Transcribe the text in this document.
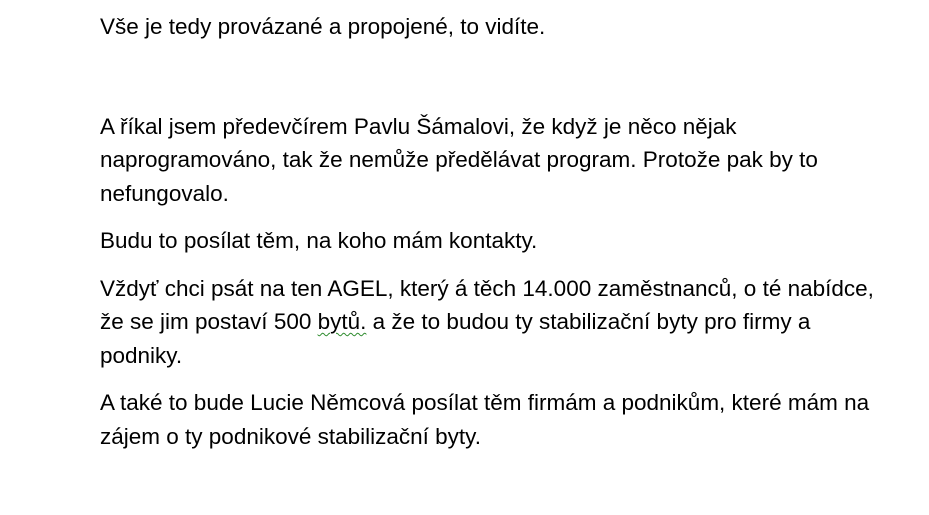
Vše je tedy provázané a propojené, to vidíte.

A říkal jsem předevčírem Pavlu Šámalovi, že když je něco nějak naprogramováno, tak že nemůže předělávat program. Protože pak by to nefungovalo.

Budu to posílat těm, na koho mám kontakty.

Vždyť chci psát na ten AGEL, který á těch 14.000 zaměstnanců, o té nabídce, že se jim postaví 500 bytů. a že to budou ty stabilizační byty pro firmy a podniky.

A také to bude Lucie Němcová posílat těm firmám a podnikům, které mám na zájem o ty podnikové stabilizační byty.
